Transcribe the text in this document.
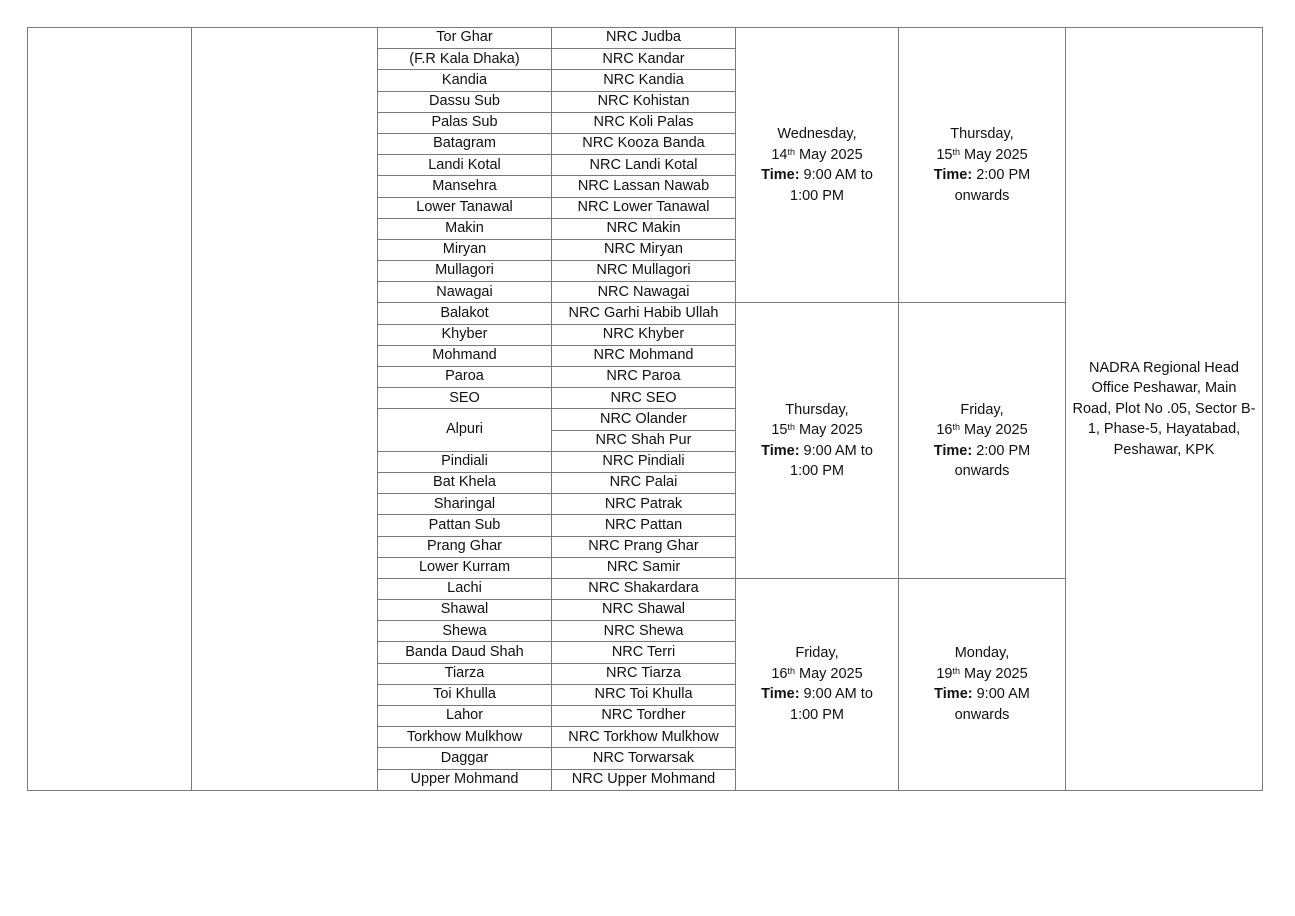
		Tor Ghar	NRC Judba	Wednesday,
14th May 2025
Time: 9:00 AM to
1:00 PM	Thursday,
15th May 2025
Time: 2:00 PM
onwards	NADRA Regional Head Office Peshawar, Main Road, Plot No .05, Sector B-1, Phase-5, Hayatabad, Peshawar, KPK
		(F.R Kala Dhaka)	NRC Kandar			
		Kandia	NRC Kandia			
		Dassu Sub	NRC Kohistan			
		Palas Sub	NRC Koli Palas			
		Batagram	NRC Kooza Banda			
		Landi Kotal	NRC Landi Kotal			
		Mansehra	NRC Lassan Nawab			
		Lower Tanawal	NRC Lower Tanawal			
		Makin	NRC Makin			
		Miryan	NRC Miryan			
		Mullagori	NRC Mullagori			
		Nawagai	NRC Nawagai			
		Balakot	NRC Garhi Habib Ullah	Thursday,
15th May 2025
Time: 9:00 AM to
1:00 PM	Friday,
16th May 2025
Time: 2:00 PM
onwards	
		Khyber	NRC Khyber			
		Mohmand	NRC Mohmand			
		Paroa	NRC Paroa			
		SEO	NRC SEO			
		Alpuri	NRC Olander			
			NRC Shah Pur			
		Pindiali	NRC Pindiali			
		Bat Khela	NRC Palai			
		Sharingal	NRC Patrak			
		Pattan Sub	NRC Pattan			
		Prang Ghar	NRC Prang Ghar			
		Lower Kurram	NRC Samir			
		Lachi	NRC Shakardara	Friday,
16th May 2025
Time: 9:00 AM to
1:00 PM	Monday,
19th May 2025
Time: 9:00 AM
onwards	
		Shawal	NRC Shawal			
		Shewa	NRC Shewa			
		Banda Daud Shah	NRC Terri			
		Tiarza	NRC Tiarza			
		Toi Khulla	NRC Toi Khulla			
		Lahor	NRC Tordher			
		Torkhow Mulkhow	NRC Torkhow Mulkhow			
		Daggar	NRC Torwarsak			
		Upper Mohmand	NRC Upper Mohmand			
